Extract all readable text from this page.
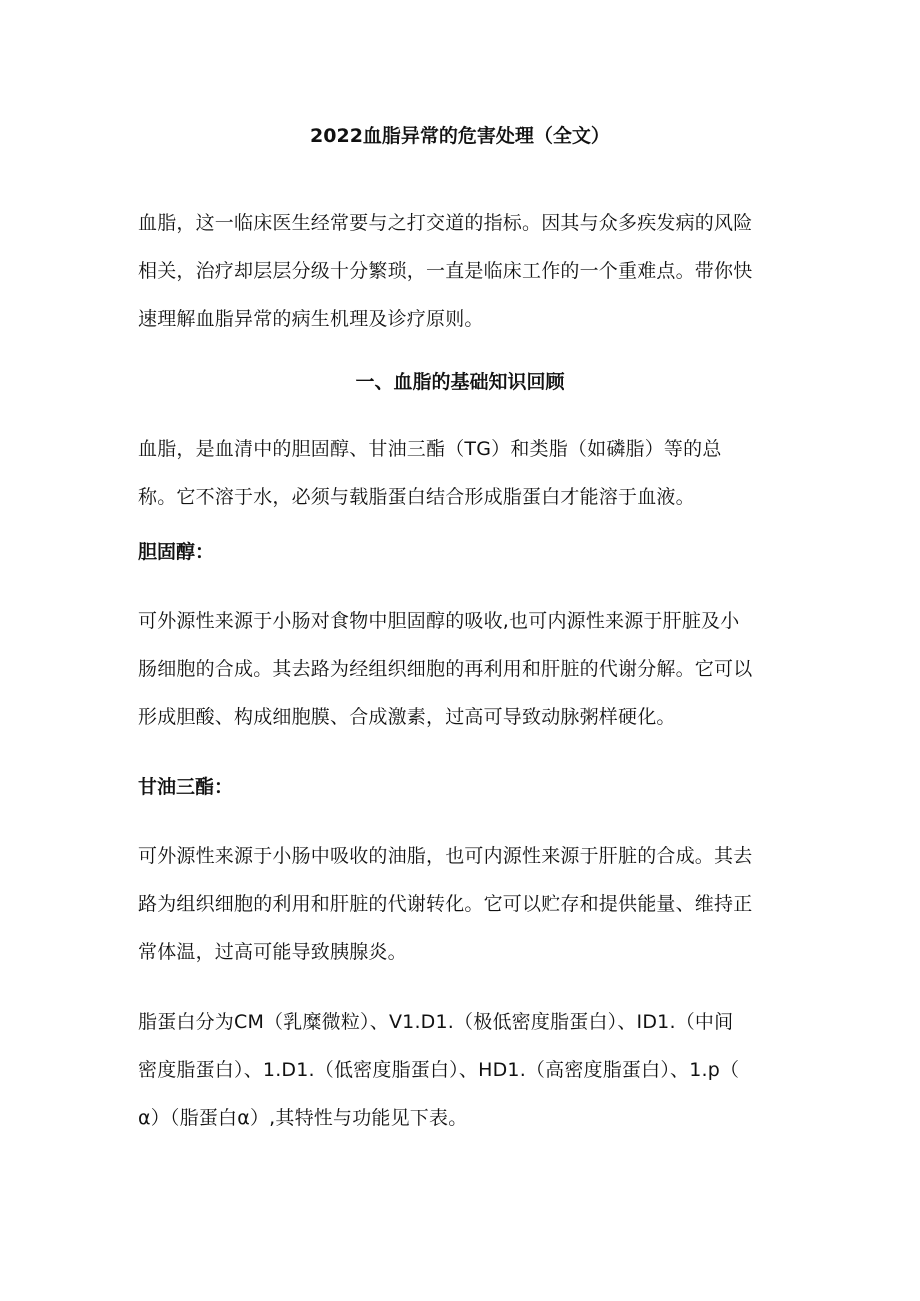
2022血脂异常的危害处理（全文）

血脂，这一临床医生经常要与之打交道的指标。因其与众多疾发病的风险
相关，治疗却层层分级十分繁琐，一直是临床工作的一个重难点。带你快
速理解血脂异常的病生机理及诊疗原则。

一、血脂的基础知识回顾

血脂，是血清中的胆固醇、甘油三酯（TG）和类脂（如磷脂）等的总
称。它不溶于水，必须与载脂蛋白结合形成脂蛋白才能溶于血液。

胆固醇：

可外源性来源于小肠对食物中胆固醇的吸收,也可内源性来源于肝脏及小
肠细胞的合成。其去路为经组织细胞的再利用和肝脏的代谢分解。它可以
形成胆酸、构成细胞膜、合成激素，过高可导致动脉粥样硬化。

甘油三酯：

可外源性来源于小肠中吸收的油脂，也可内源性来源于肝脏的合成。其去
路为组织细胞的利用和肝脏的代谢转化。它可以贮存和提供能量、维持正
常体温，过高可能导致胰腺炎。

脂蛋白分为CM（乳糜微粒）、V1.D1.（极低密度脂蛋白）、ID1.（中间
密度脂蛋白）、1.D1.（低密度脂蛋白）、HD1.（高密度脂蛋白）、1.p（
α）（脂蛋白α）,其特性与功能见下表。
